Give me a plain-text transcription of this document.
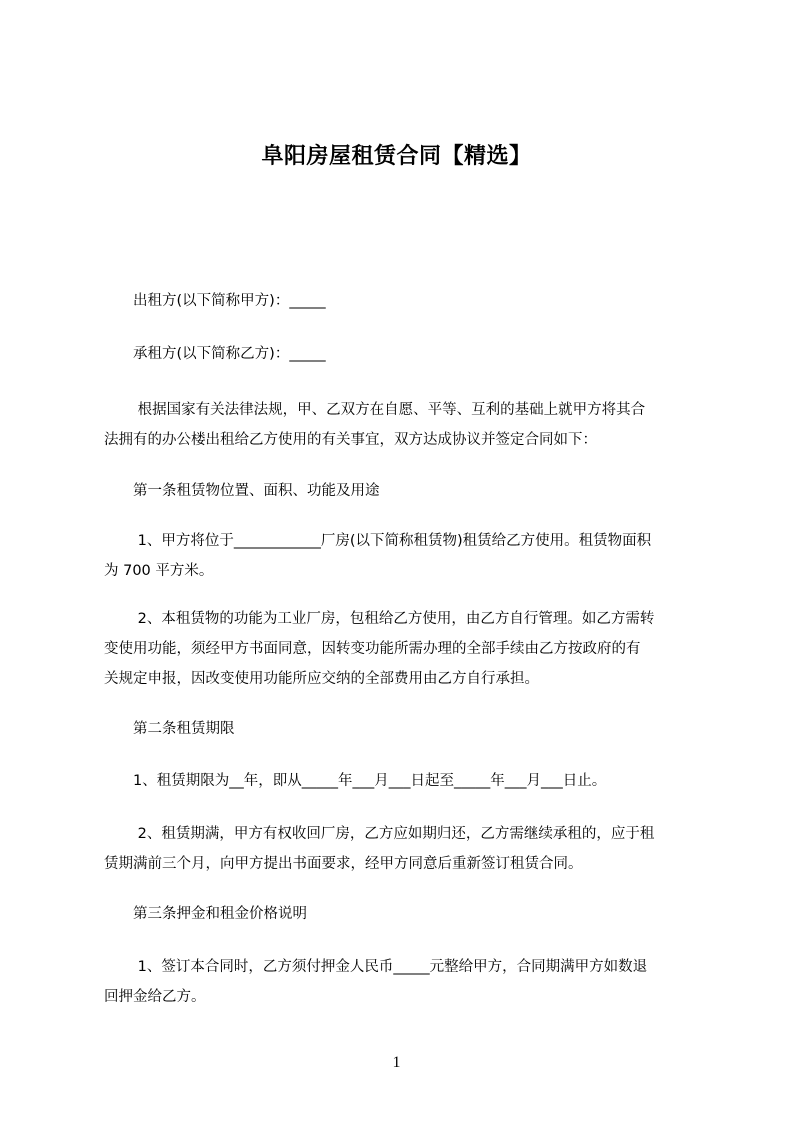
阜阳房屋租赁合同【精选】

　　出租方(以下简称甲方)：_____

　　承租方(以下简称乙方)：_____

　　 根据国家有关法律法规，甲、乙双方在自愿、平等、互利的基础上就甲方将其合
法拥有的办公楼出租给乙方使用的有关事宜，双方达成协议并签定合同如下：

　　第一条租赁物位置、面积、功能及用途

　　 1、甲方将位于____________厂房(以下简称租赁物)租赁给乙方使用。租赁物面积
为 700 平方米。

　　 2、本租赁物的功能为工业厂房，包租给乙方使用，由乙方自行管理。如乙方需转
变使用功能，须经甲方书面同意，因转变功能所需办理的全部手续由乙方按政府的有
关规定申报，因改变使用功能所应交纳的全部费用由乙方自行承担。

　　第二条租赁期限

　　1、租赁期限为__年，即从_____年___月___日起至_____年___月___日止。

　　 2、租赁期满，甲方有权收回厂房，乙方应如期归还，乙方需继续承租的，应于租
赁期满前三个月，向甲方提出书面要求，经甲方同意后重新签订租赁合同。

　　第三条押金和租金价格说明

　　 1、签订本合同时，乙方须付押金人民币_____元整给甲方，合同期满甲方如数退
回押金给乙方。

1
